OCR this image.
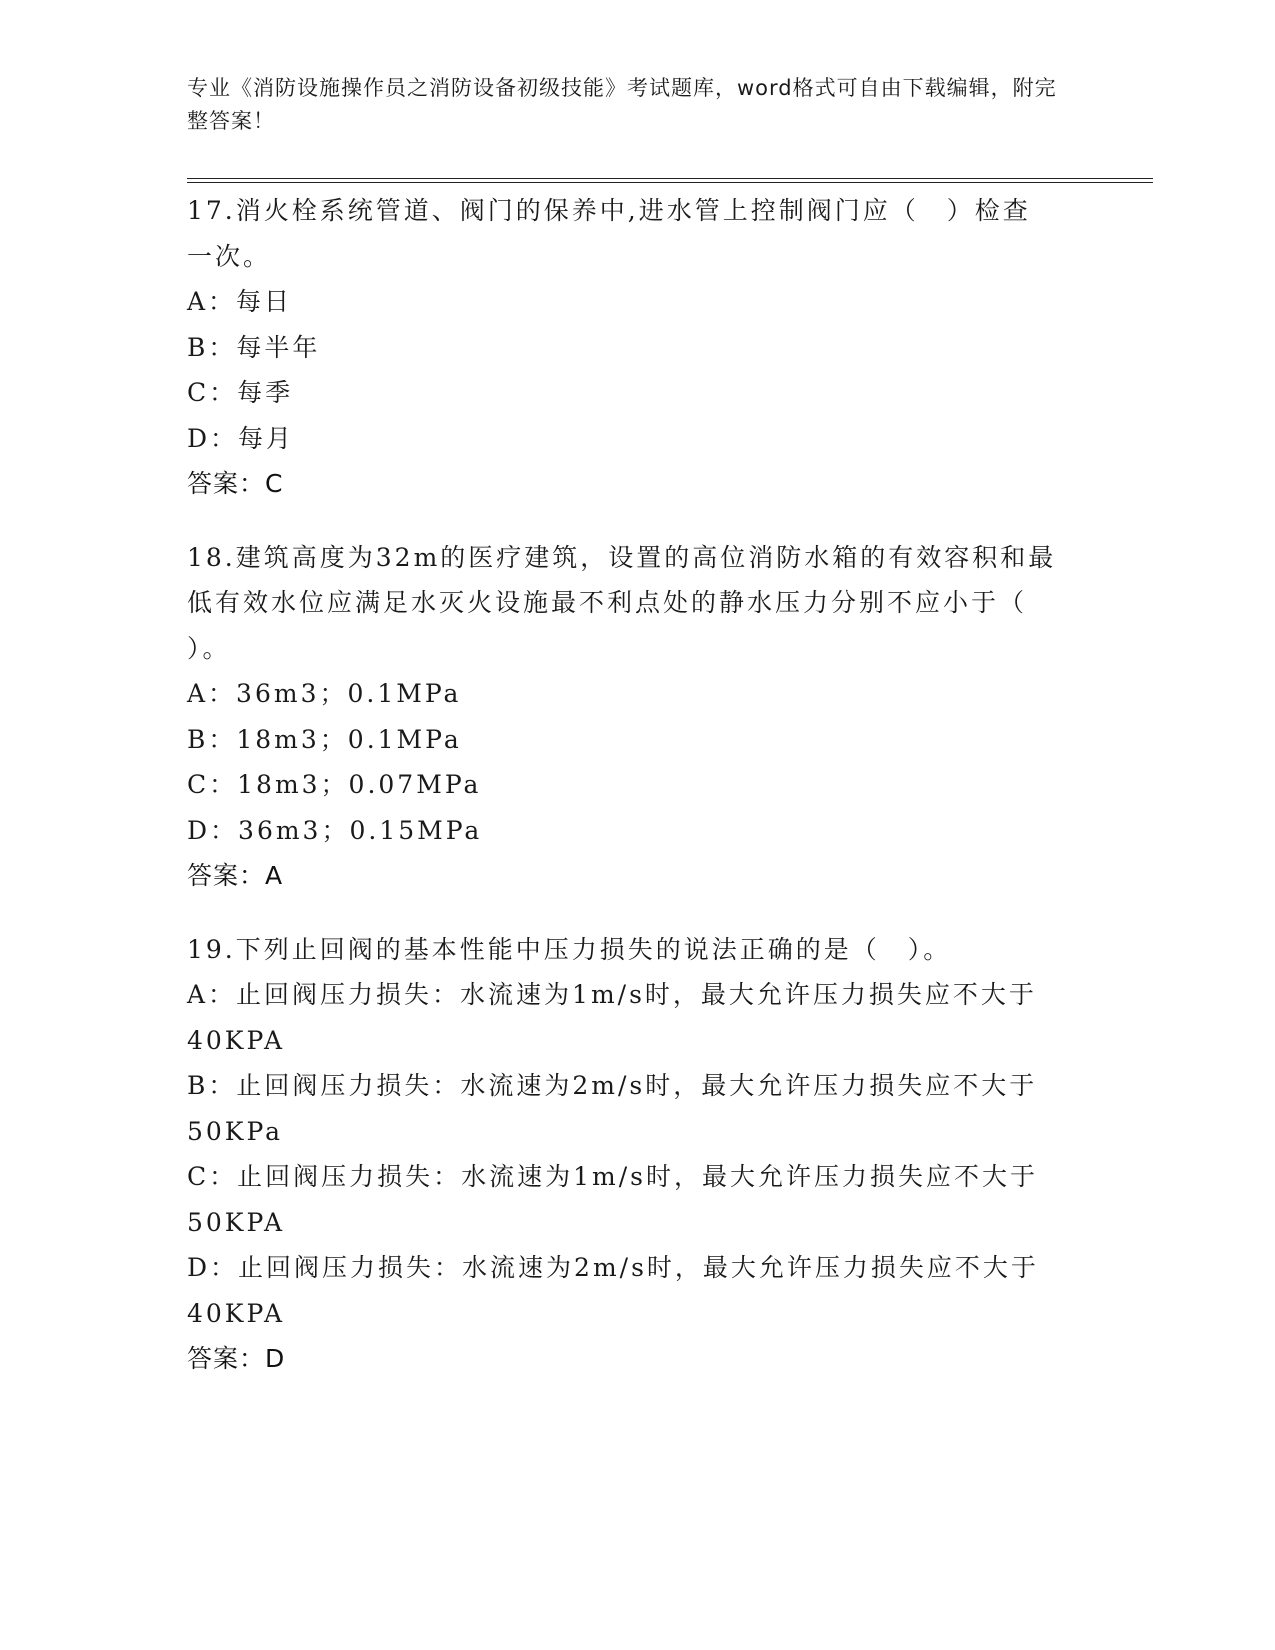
专业《消防设施操作员之消防设备初级技能》考试题库，word格式可自由下载编辑，附完整答案！
17.消火栓系统管道、阀门的保养中,进水管上控制阀门应（　）检查
一次。
A：每日
B：每半年
C：每季
D：每月
答案：C
18.建筑高度为32m的医疗建筑，设置的高位消防水箱的有效容积和最
低有效水位应满足水灭火设施最不利点处的静水压力分别不应小于（
）。
A：36m3；0.1MPa
B：18m3；0.1MPa
C：18m3；0.07MPa
D：36m3；0.15MPa
答案：A
19.下列止回阀的基本性能中压力损失的说法正确的是（　）。
A：止回阀压力损失：水流速为1m/s时，最大允许压力损失应不大于
40KPA
B：止回阀压力损失：水流速为2m/s时，最大允许压力损失应不大于
50KPa
C：止回阀压力损失：水流速为1m/s时，最大允许压力损失应不大于
50KPA
D：止回阀压力损失：水流速为2m/s时，最大允许压力损失应不大于
40KPA
答案：D
